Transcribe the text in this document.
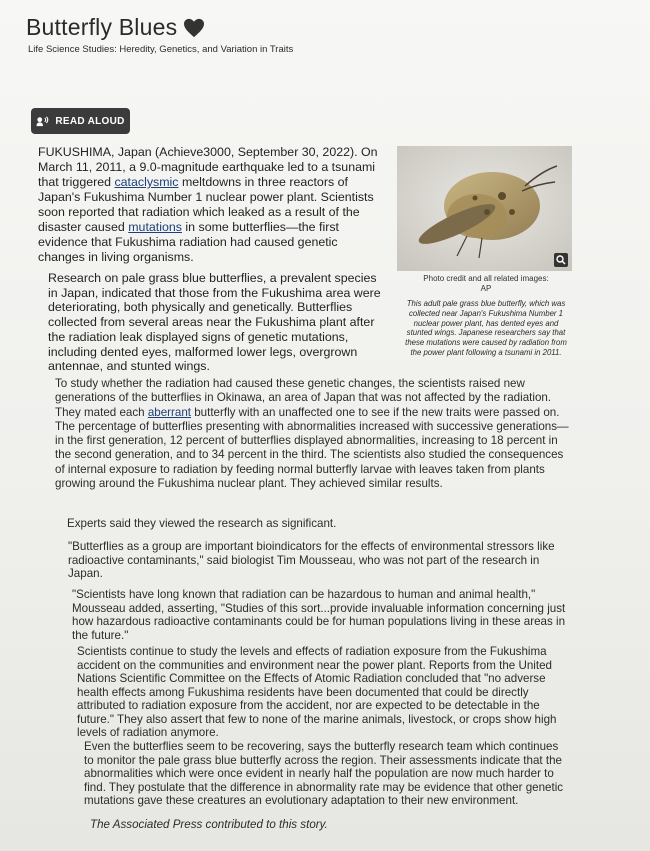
Butterfly Blues
Life Science Studies: Heredity, Genetics, and Variation in Traits
READ ALOUD

FUKUSHIMA, Japan (Achieve3000, September 30, 2022). On March 11, 2011, a 9.0-magnitude earthquake led to a tsunami that triggered cataclysmic meltdowns in three reactors of Japan's Fukushima Number 1 nuclear power plant. Scientists soon reported that radiation which leaked as a result of the disaster caused mutations in some butterflies—the first evidence that Fukushima radiation had caused genetic changes in living organisms.

Photo credit and all related images:
AP
This adult pale grass blue butterfly, which was collected near Japan's Fukushima Number 1 nuclear power plant, has dented eyes and stunted wings. Japanese researchers say that these mutations were caused by radiation from the power plant following a tsunami in 2011.
Research on pale grass blue butterflies, a prevalent species in Japan, indicated that those from the Fukushima area were deteriorating, both physically and genetically. Butterflies collected from several areas near the Fukushima plant after the radiation leak displayed signs of genetic mutations, including dented eyes, malformed lower legs, overgrown antennae, and stunted wings.

To study whether the radiation had caused these genetic changes, the scientists raised new generations of the butterflies in Okinawa, an area of Japan that was not affected by the radiation. They mated each aberrant butterfly with an unaffected one to see if the new traits were passed on. The percentage of butterflies presenting with abnormalities increased with successive generations—in the first generation, 12 percent of butterflies displayed abnormalities, increasing to 18 percent in the second generation, and to 34 percent in the third. The scientists also studied the consequences of internal exposure to radiation by feeding normal butterfly larvae with leaves taken from plants growing around the Fukushima nuclear plant. They achieved similar results.

Experts said they viewed the research as significant.
"Butterflies as a group are important bioindicators for the effects of environmental stressors like radioactive contaminants," said biologist Tim Mousseau, who was not part of the research in Japan.
"Scientists have long known that radiation can be hazardous to human and animal health," Mousseau added, asserting, "Studies of this sort...provide invaluable information concerning just how hazardous radioactive contaminants could be for human populations living in these areas in the future."
Scientists continue to study the levels and effects of radiation exposure from the Fukushima accident on the communities and environment near the power plant. Reports from the United Nations Scientific Committee on the Effects of Atomic Radiation concluded that "no adverse health effects among Fukushima residents have been documented that could be directly attributed to radiation exposure from the accident, nor are expected to be detectable in the future." They also assert that few to none of the marine animals, livestock, or crops show high levels of radiation anymore.
Even the butterflies seem to be recovering, says the butterfly research team which continues to monitor the pale grass blue butterfly across the region. Their assessments indicate that the abnormalities which were once evident in nearly half the population are now much harder to find. They postulate that the difference in abnormality rate may be evidence that other genetic mutations gave these creatures an evolutionary adaptation to their new environment.
The Associated Press contributed to this story.
